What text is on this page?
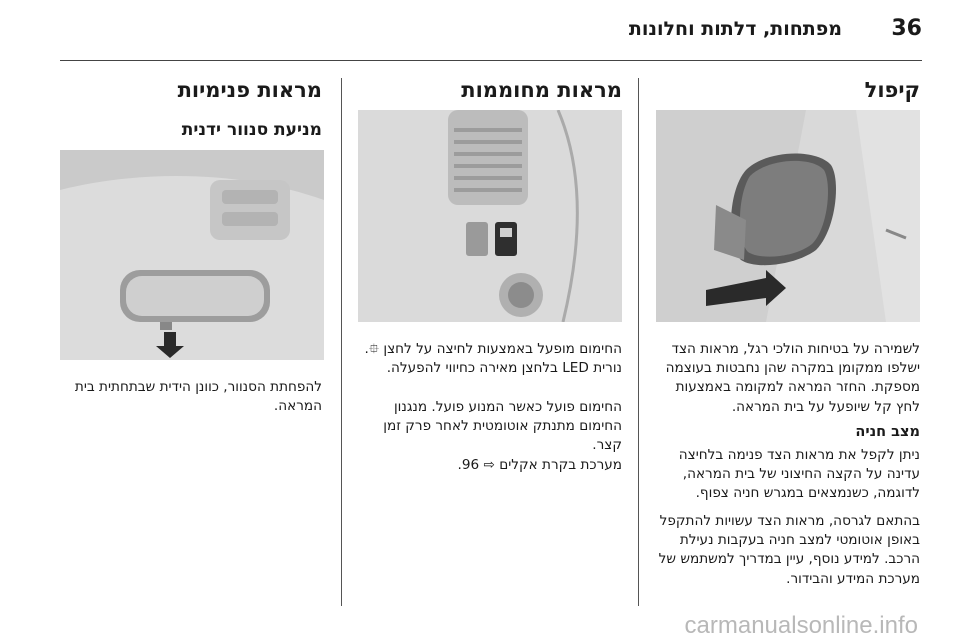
36
מפתחות, דלתות וחלונות
קיפול
לשמירה על בטיחות הולכי רגל, מראות הצד ישלפו ממקומן במקרה שהן נחבטות בעוצמה מספקת. החזר המראה למקומה באמצעות לחץ קל שיופעל על בית המראה.
מצב חניה
ניתן לקפל את מראות הצד פנימה בלחיצה עדינה על הקצה החיצוני של בית המראה, לדוגמה, כשנמצאים במגרש חניה צפוף.
בהתאם לגרסה, מראות הצד עשויות להתקפל באופן אוטומטי למצב חניה בעקבות נעילת הרכב. למידע נוסף, עיין במדריך למשתמש של מערכת המידע והבידור.
מראות מחוממות
החימום מופעל באמצעות לחיצה על לחצן ⯐. נורית LED בלחצן מאירה כחיווי להפעלה.
החימום פועל כאשר המנוע פועל. מנגנון החימום מתנתק אוטומטית לאחר פרק זמן קצר.
מערכת בקרת אקלים ⇨ 96.
מראות פנימיות
מניעת סנוור ידנית
להפחתת הסנוור, כוונן הידית שבתחתית בית המראה.
carmanualsonline.info
